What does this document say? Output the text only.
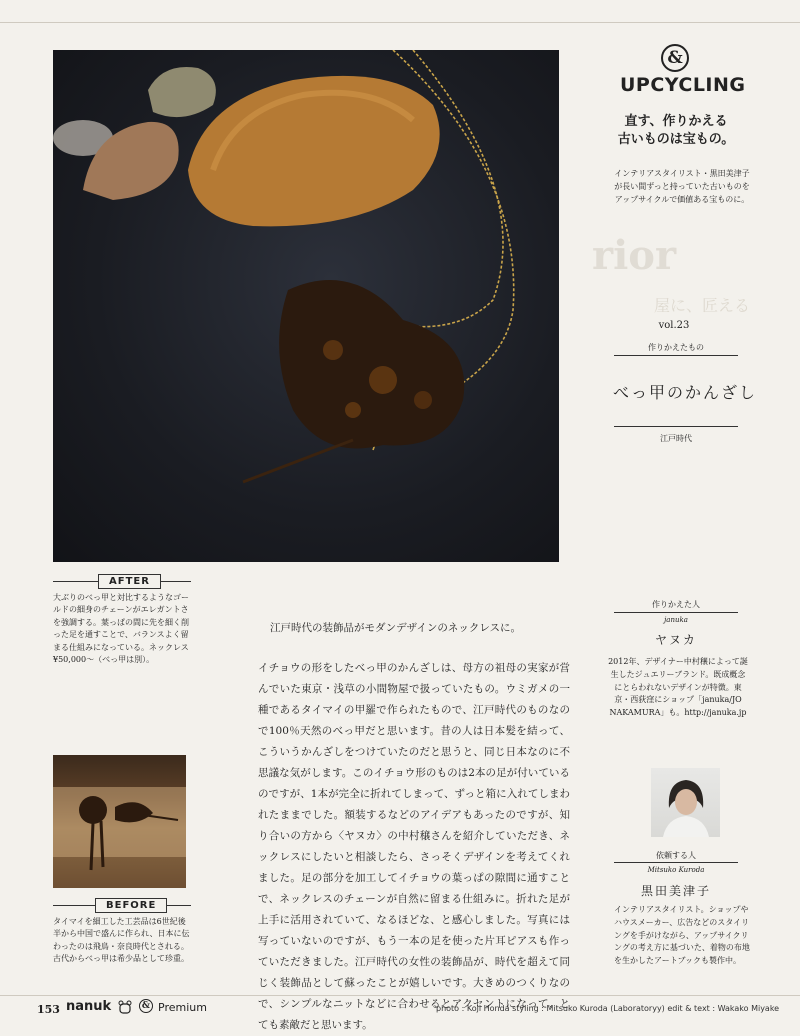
AFTER
大ぶりのべっ甲と対比するようなゴールドの細身のチェーンがエレガントさを強調する。葉っぱの間に先を細く削った足を通すことで、バランスよく留まる仕組みになっている。ネックレス ¥50,000～（べっ甲は別）。
BEFORE
タイマイを細工した工芸品は6世紀後半から中国で盛んに作られ、日本に伝わったのは飛鳥・奈良時代とされる。古代からべっ甲は希少品として珍重。
&
UPCYCLING
直す、作りかえる
古いものは宝もの。
インテリアスタイリスト・黒田美津子が長い間ずっと持っていた古いものをアップサイクルで価値ある宝ものに。
rior
屋に、匠える
vol.23
作りかえたもの
べっ甲のかんざし
江戸時代
作りかえた人
januka
ヤヌカ
2012年、デザイナー中村穣によって誕生したジュエリーブランド。既成概念にとらわれないデザインが特徴。東京・西荻窪にショップ「januka/JO NAKAMURA」も。http://januka.jp
依頼する人
Mitsuko Kuroda
黒田美津子
インテリアスタイリスト。ショップやハウスメーカー、広告などのスタイリングを手がけながら、アップサイクリングの考え方に基づいた、着物の布地を生かしたアートブックも製作中。
江戸時代の装飾品がモダンデザインのネックレスに。

イチョウの形をしたべっ甲のかんざしは、母方の祖母の実家が営んでいた東京・浅草の小間物屋で扱っていたもの。ウミガメの一種であるタイマイの甲羅で作られたもので、江戸時代のものなので100％天然のべっ甲だと思います。昔の人は日本髪を結って、こういうかんざしをつけていたのだと思うと、同じ日本なのに不思議な気がします。このイチョウ形のものは2本の足が付いているのですが、1本が完全に折れてしまって、ずっと箱に入れてしまわれたままでした。額装するなどのアイデアもあったのですが、知り合いの方から〈ヤヌカ〉の中村穣さんを紹介していただき、ネックレスにしたいと相談したら、さっそくデザインを考えてくれました。足の部分を加工してイチョウの葉っぱの隙間に通すことで、ネックレスのチェーンが自然に留まる仕組みに。折れた足が上手に活用されていて、なるほどな、と感心しました。写真には写っていないのですが、もう一本の足を使った片耳ピアスも作っていただきました。江戸時代の女性の装飾品が、時代を超えて同じく装飾品として蘇ったことが嬉しいです。大きめのつくりなので、シンプルなニットなどに合わせるとアクセントになって、とても素敵だと思います。

153 nanuk	& Premium	photo : Koji Honda styling : Mitsuko Kuroda (Laboratoryy) edit & text : Wakako Miyake
